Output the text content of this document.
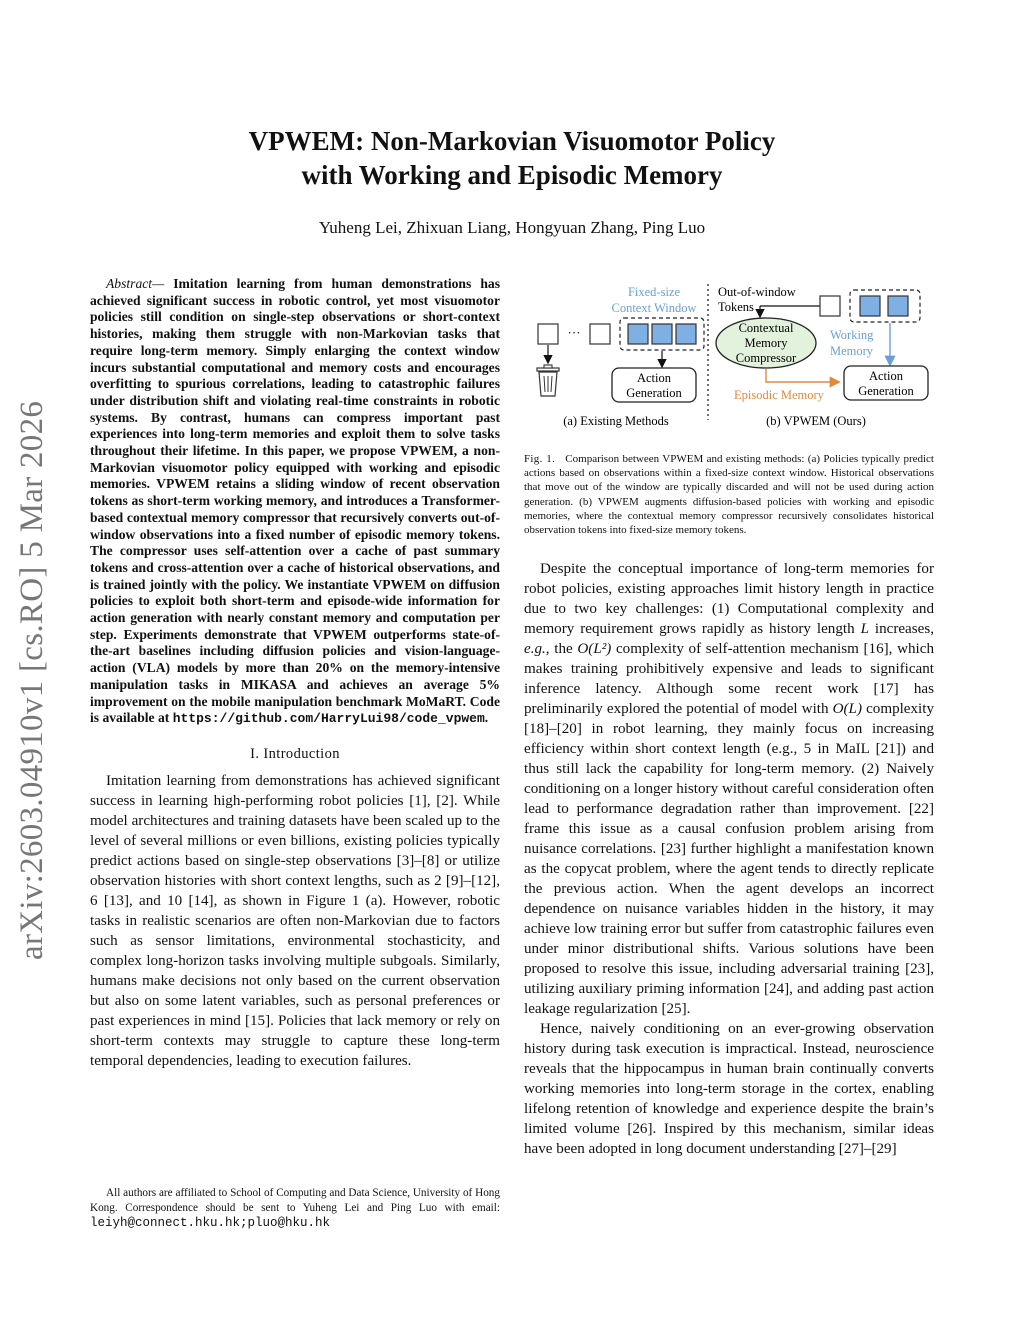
arXiv:2603.04910v1 [cs.RO] 5 Mar 2026
VPWEM: Non-Markovian Visuomotor Policy
with Working and Episodic Memory
Yuheng Lei, Zhixuan Liang, Hongyuan Zhang, Ping Luo

Abstract— Imitation learning from human demonstrations has achieved significant success in robotic control, yet most visuomotor policies still condition on single-step observations or short-context histories, making them struggle with non-Markovian tasks that require long-term memory. Simply enlarging the context window incurs substantial computational and memory costs and encourages overfitting to spurious correlations, leading to catastrophic failures under distribution shift and violating real-time constraints in robotic systems. By contrast, humans can compress important past experiences into long-term memories and exploit them to solve tasks throughout their lifetime. In this paper, we propose VPWEM, a non-Markovian visuomotor policy equipped with working and episodic memories. VPWEM retains a sliding window of recent observation tokens as short-term working memory, and introduces a Transformer-based contextual memory compressor that recursively converts out-of-window observations into a fixed number of episodic memory tokens. The compressor uses self-attention over a cache of past summary tokens and cross-attention over a cache of historical observations, and is trained jointly with the policy. We instantiate VPWEM on diffusion policies to exploit both short-term and episode-wide information for action generation with nearly constant memory and computation per step. Experiments demonstrate that VPWEM outperforms state-of-the-art baselines including diffusion policies and vision-language-action (VLA) models by more than 20% on the memory-intensive manipulation tasks in MIKASA and achieves an average 5% improvement on the mobile manipulation benchmark MoMaRT. Code is available at https://github.com/HarryLui98/code_vpwem.

I. Introduction

Imitation learning from demonstrations has achieved significant success in learning high-performing robot policies [1], [2]. While model architectures and training datasets have been scaled up to the level of several millions or even billions, existing policies typically predict actions based on single-step observations [3]–[8] or utilize observation histories with short context lengths, such as 2 [9]–[12], 6 [13], and 10 [14], as shown in Figure 1 (a). However, robotic tasks in realistic scenarios are often non-Markovian due to factors such as sensor limitations, environmental stochasticity, and complex long-horizon tasks involving multiple subgoals. Similarly, humans make decisions not only based on the current observation but also on some latent variables, such as personal preferences or past experiences in mind [15]. Policies that lack memory or rely on short-term contexts may struggle to capture these long-term temporal dependencies, leading to execution failures.

All authors are affiliated to School of Computing and Data Science, University of Hong Kong. Correspondence should be sent to Yuheng Lei and Ping Luo with email: leiyh@connect.hku.hk;pluo@hku.hk
Fixed-size
Context Window
···
Action
Generation
(a) Existing Methods
Out-of-window
Tokens
Contextual
Memory
Compressor
Working
Memory
Episodic Memory
Action
Generation
(b) VPWEM (Ours)

Fig. 1. Comparison between VPWEM and existing methods: (a) Policies typically predict actions based on observations within a fixed-size context window. Historical observations that move out of the window are typically discarded and will not be used during action generation. (b) VPWEM augments diffusion-based policies with working and episodic memories, where the contextual memory compressor recursively consolidates historical observation tokens into fixed-size memory tokens.

Despite the conceptual importance of long-term memories for robot policies, existing approaches limit history length in practice due to two key challenges: (1) Computational complexity and memory requirement grows rapidly as history length L increases, e.g., the O(L²) complexity of self-attention mechanism [16], which makes training prohibitively expensive and leads to significant inference latency. Although some recent work [17] has preliminarily explored the potential of model with O(L) complexity [18]–[20] in robot learning, they mainly focus on increasing efficiency within short context length (e.g., 5 in MaIL [21]) and thus still lack the capability for long-term memory. (2) Naively conditioning on a longer history without careful consideration often lead to performance degradation rather than improvement. [22] frame this issue as a causal confusion problem arising from nuisance correlations. [23] further highlight a manifestation known as the copycat problem, where the agent tends to directly replicate the previous action. When the agent develops an incorrect dependence on nuisance variables hidden in the history, it may achieve low training error but suffer from catastrophic failures even under minor distributional shifts. Various solutions have been proposed to resolve this issue, including adversarial training [23], utilizing auxiliary priming information [24], and adding past action leakage regularization [25].

Hence, naively conditioning on an ever-growing observation history during task execution is impractical. Instead, neuroscience reveals that the hippocampus in human brain continually converts working memories into long-term storage in the cortex, enabling lifelong retention of knowledge and experience despite the brain’s limited volume [26]. Inspired by this mechanism, similar ideas have been adopted in long document understanding [27]–[29]
